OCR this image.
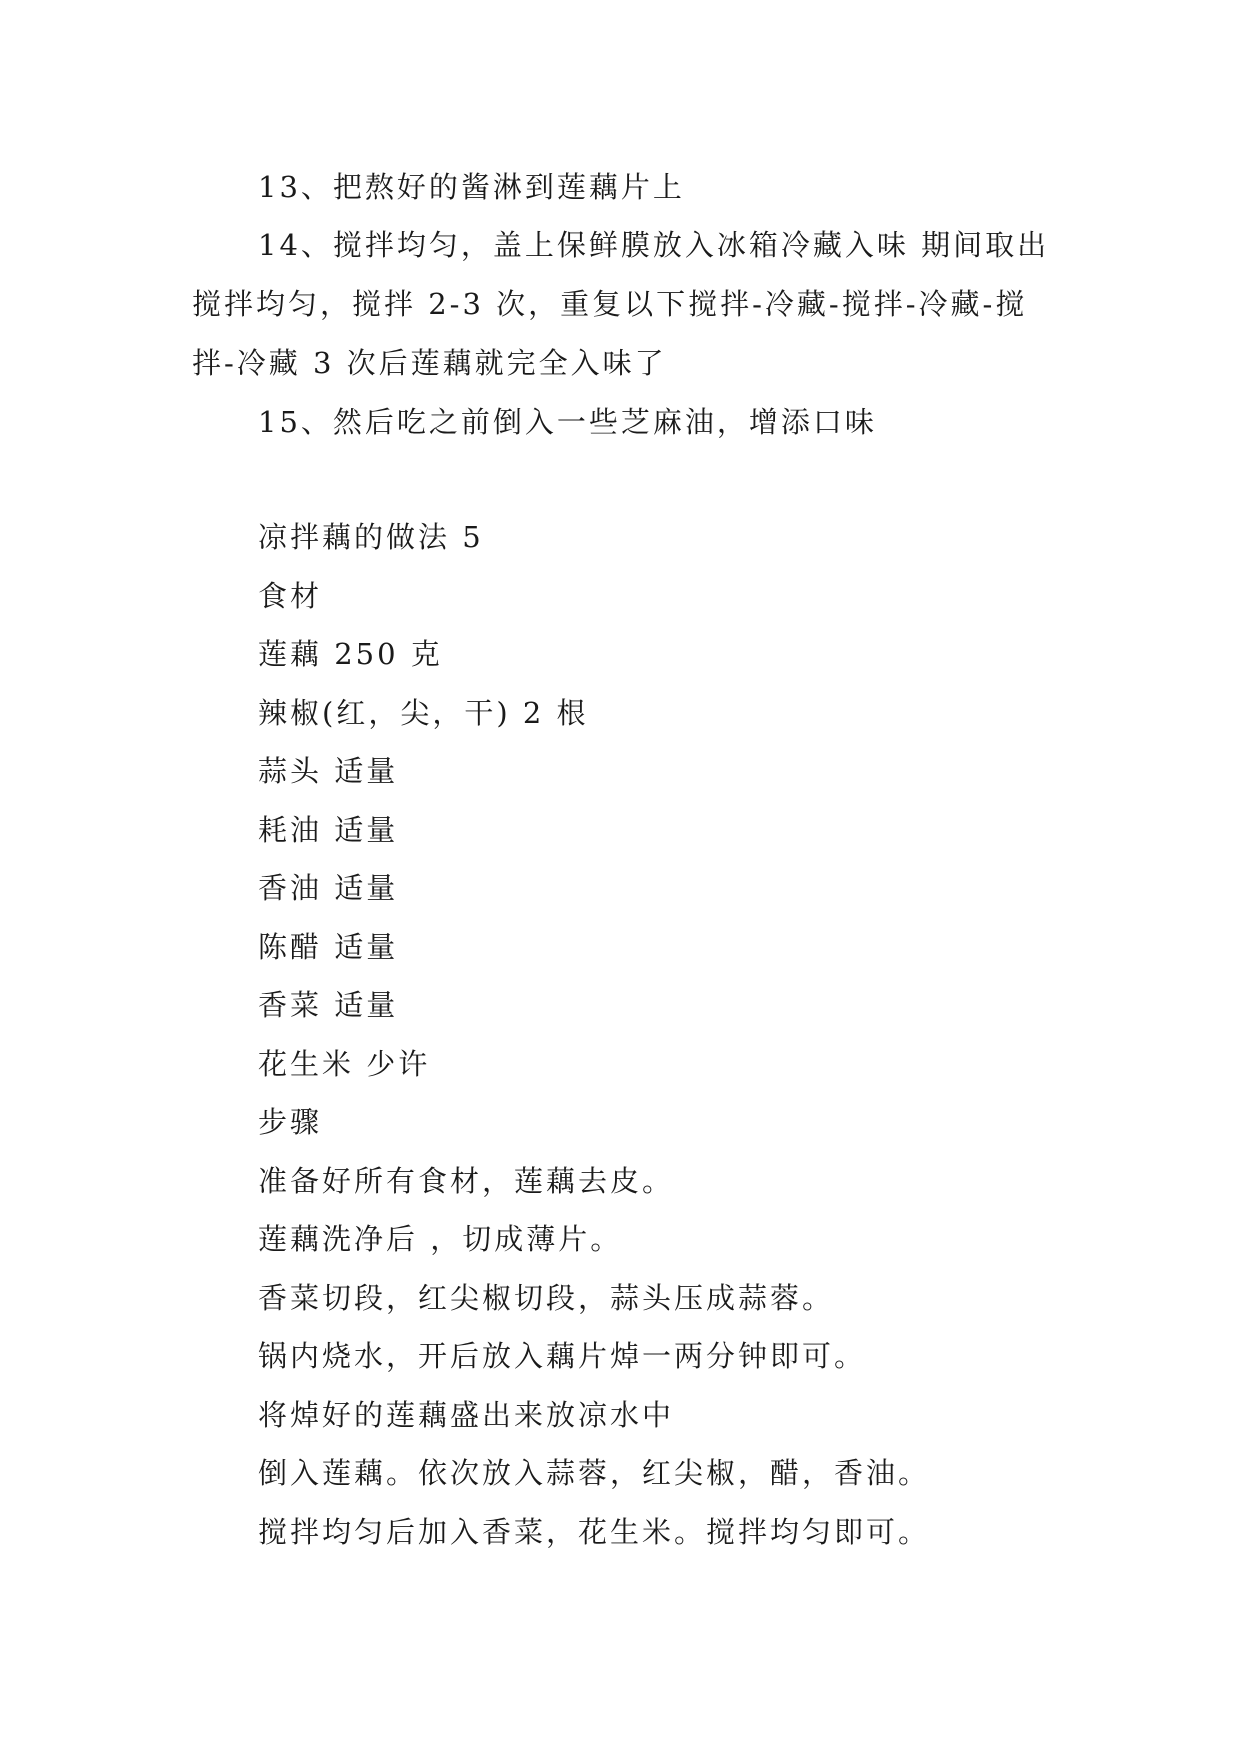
13、把熬好的酱淋到莲藕片上

14、搅拌均匀，盖上保鲜膜放入冰箱冷藏入味 期间取出搅拌均匀，搅拌 2-3 次，重复以下搅拌-冷藏-搅拌-冷藏-搅拌-冷藏 3 次后莲藕就完全入味了

15、然后吃之前倒入一些芝麻油，增添口味

凉拌藕的做法 5
食材
莲藕 250 克
辣椒(红，尖，干) 2 根
蒜头 适量
耗油 适量
香油 适量
陈醋 适量
香菜 适量
花生米 少许
步骤
准备好所有食材，莲藕去皮。
莲藕洗净后 ，切成薄片。
香菜切段，红尖椒切段，蒜头压成蒜蓉。
锅内烧水，开后放入藕片焯一两分钟即可。
将焯好的莲藕盛出来放凉水中
倒入莲藕。依次放入蒜蓉，红尖椒，醋，香油。
搅拌均匀后加入香菜，花生米。搅拌均匀即可。
